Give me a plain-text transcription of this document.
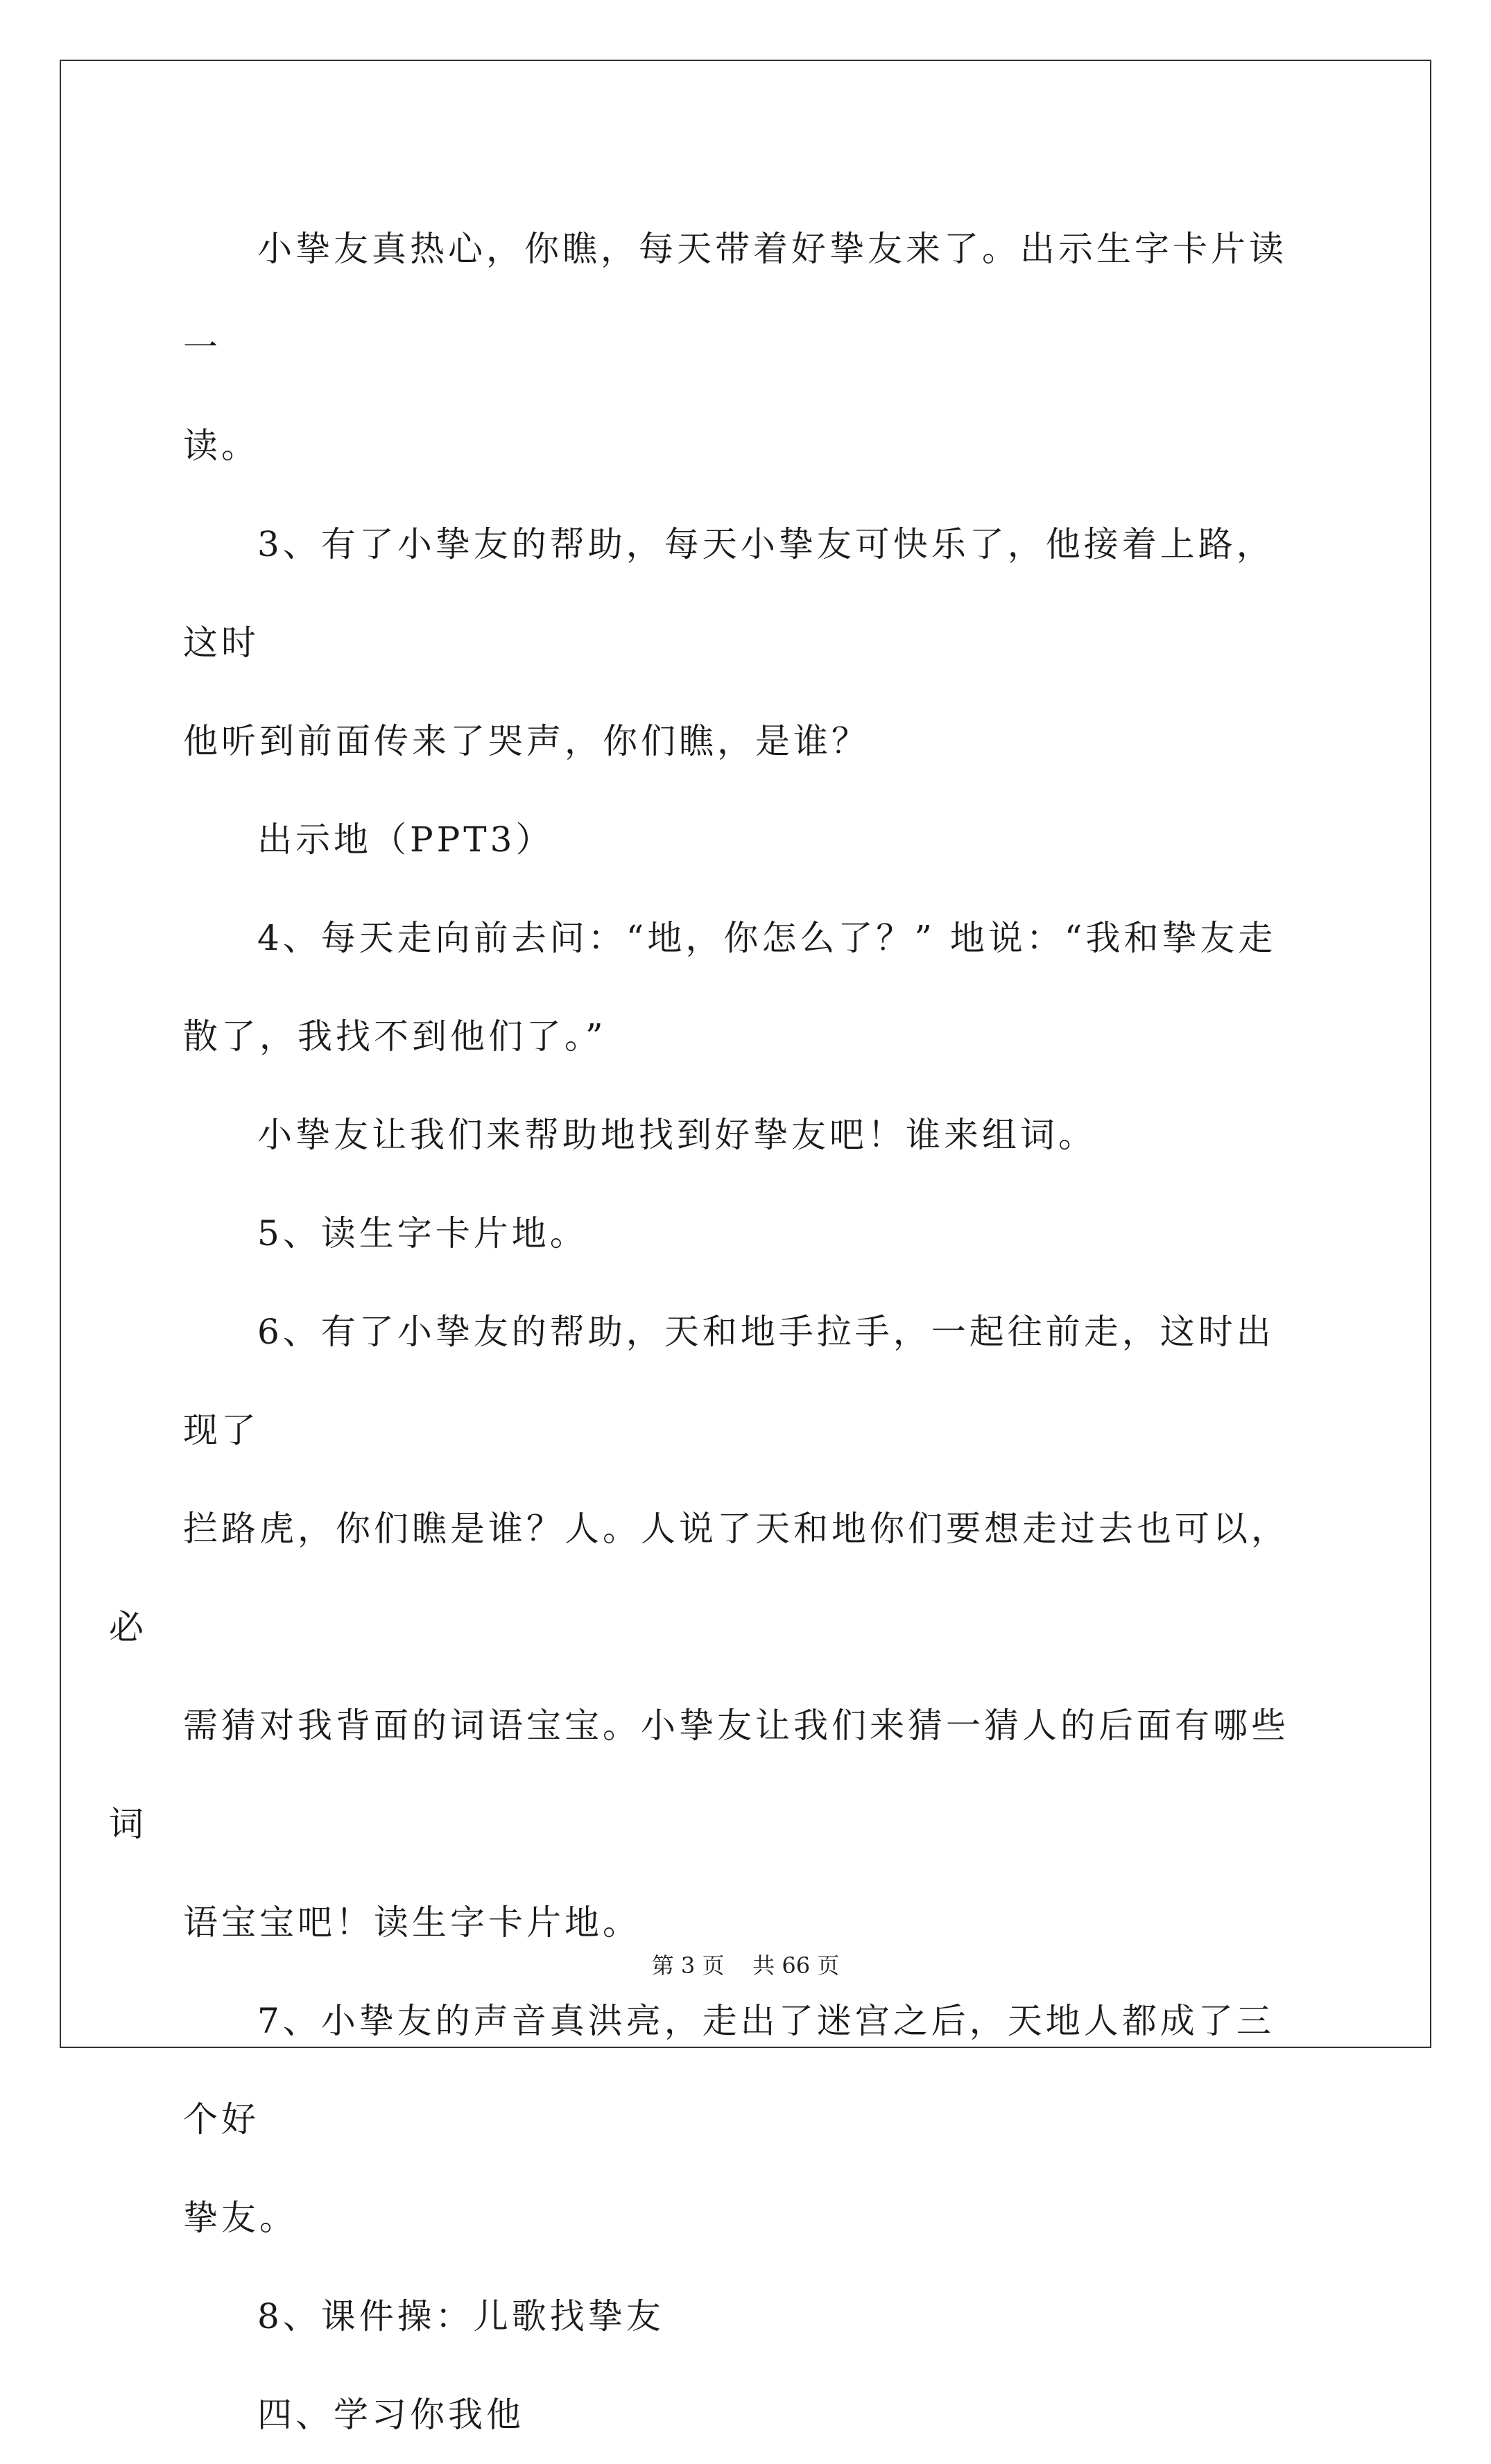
小挚友真热心，你瞧，每天带着好挚友来了。出示生字卡片读一
读。

3、有了小挚友的帮助，每天小挚友可快乐了，他接着上路，这时
他听到前面传来了哭声，你们瞧，是谁？

出示地（PPT3）

4、每天走向前去问：“地，你怎么了？” 地说：“我和挚友走
散了，我找不到他们了。”

小挚友让我们来帮助地找到好挚友吧！谁来组词。

5、读生字卡片地。

6、有了小挚友的帮助，天和地手拉手，一起往前走，这时出现了
拦路虎，你们瞧是谁？人。人说了天和地你们要想走过去也可以，必
需猜对我背面的词语宝宝。小挚友让我们来猜一猜人的后面有哪些词
语宝宝吧！读生字卡片地。

7、小挚友的声音真洪亮，走出了迷宫之后，天地人都成了三个好
挚友。

8、课件操：儿歌找挚友

四、学习你我他

第 3 页 共 66 页
